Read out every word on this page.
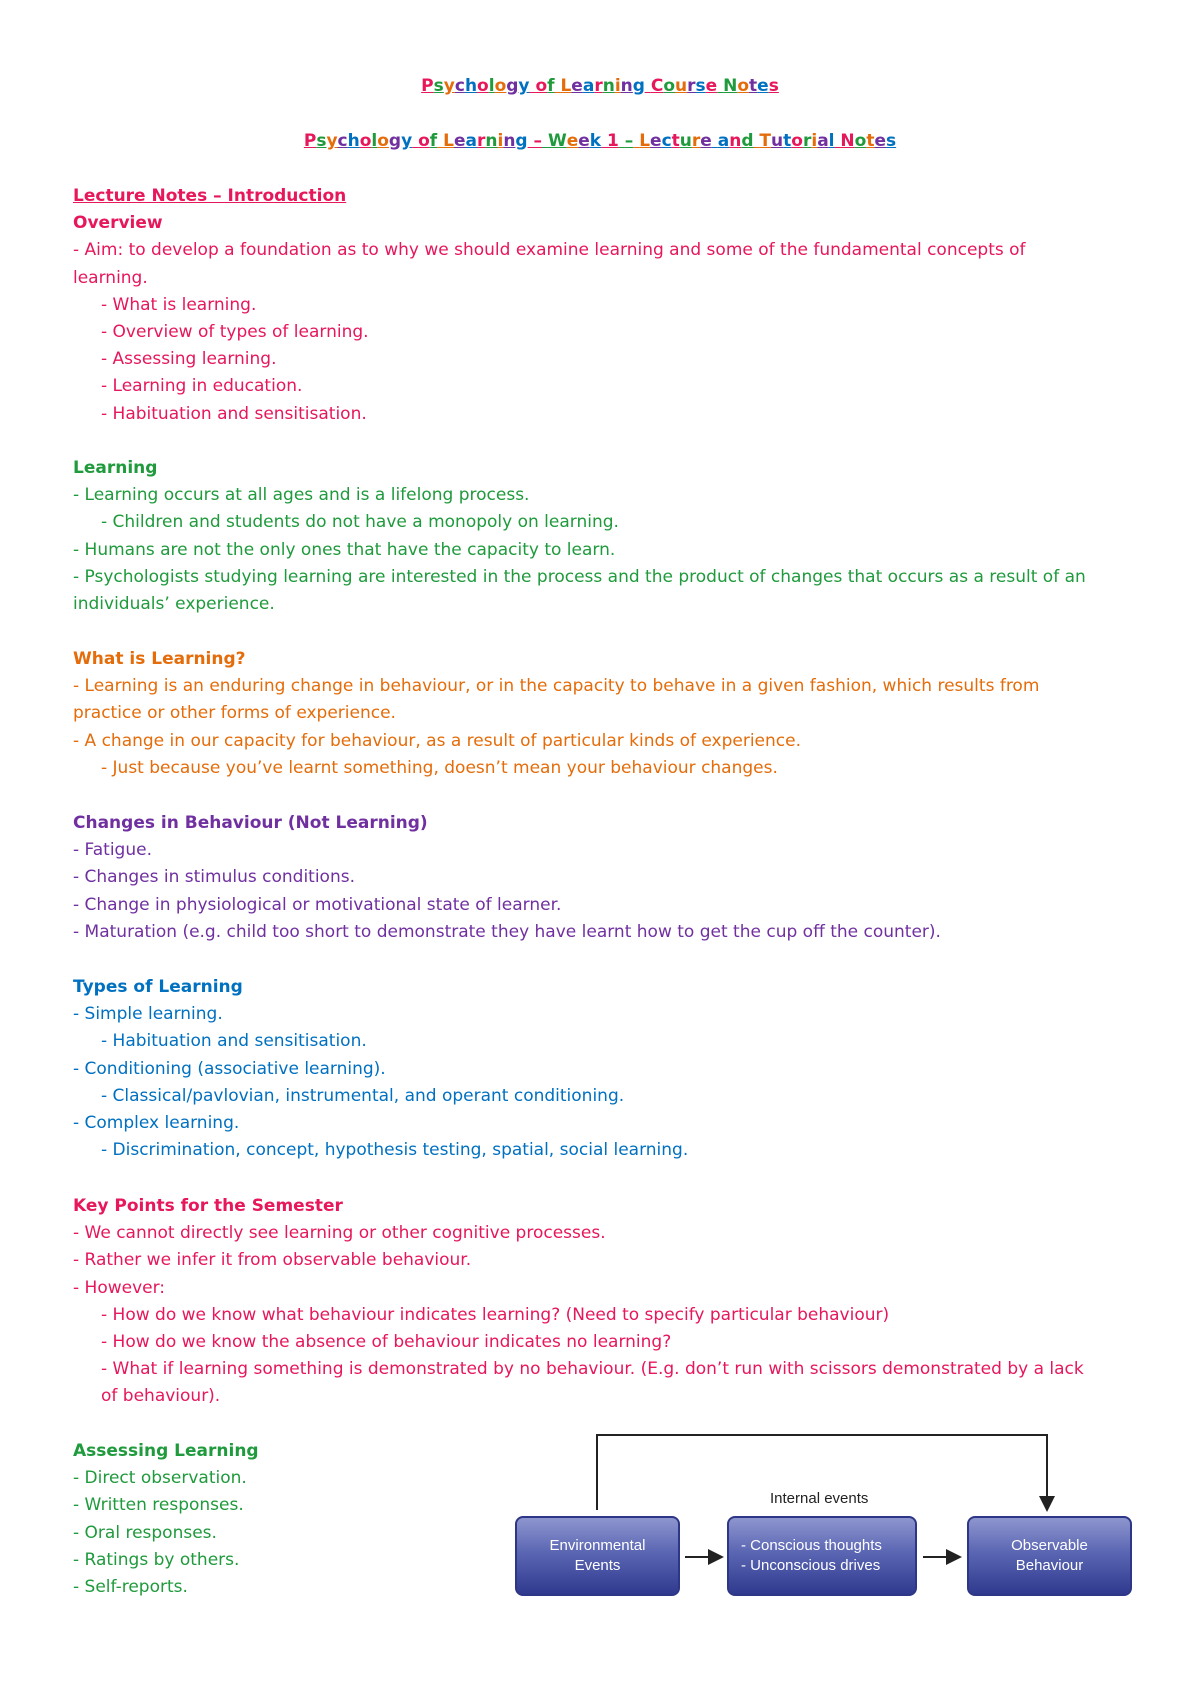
Psychology of Learning Course Notes
Psychology of Learning – Week 1 – Lecture and Tutorial Notes
Lecture Notes – Introduction
Overview
- Aim: to develop a foundation as to why we should examine learning and some of the fundamental concepts of learning.
- What is learning.
- Overview of types of learning.
- Assessing learning.
- Learning in education.
- Habituation and sensitisation.
Learning
- Learning occurs at all ages and is a lifelong process.
- Children and students do not have a monopoly on learning.
- Humans are not the only ones that have the capacity to learn.
- Psychologists studying learning are interested in the process and the product of changes that occurs as a result of an individuals’ experience.
What is Learning?
- Learning is an enduring change in behaviour, or in the capacity to behave in a given fashion, which results from practice or other forms of experience.
- A change in our capacity for behaviour, as a result of particular kinds of experience.
- Just because you’ve learnt something, doesn’t mean your behaviour changes.
Changes in Behaviour (Not Learning)
- Fatigue.
- Changes in stimulus conditions.
- Change in physiological or motivational state of learner.
- Maturation (e.g. child too short to demonstrate they have learnt how to get the cup off the counter).
Types of Learning
- Simple learning.
- Habituation and sensitisation.
- Conditioning (associative learning).
- Classical/pavlovian, instrumental, and operant conditioning.
- Complex learning.
- Discrimination, concept, hypothesis testing, spatial, social learning.
Key Points for the Semester
- We cannot directly see learning or other cognitive processes.
- Rather we infer it from observable behaviour.
- However:
- How do we know what behaviour indicates learning? (Need to specify particular behaviour)
- How do we know the absence of behaviour indicates no learning?
- What if learning something is demonstrated by no behaviour. (E.g. don’t run with scissors demonstrated by a lack of behaviour).
Assessing Learning
- Direct observation.
- Written responses.
- Oral responses.
- Ratings by others.
- Self-reports.
Internal events
Environmental
Events
- Conscious thoughts
- Unconscious drives
Observable
Behaviour
